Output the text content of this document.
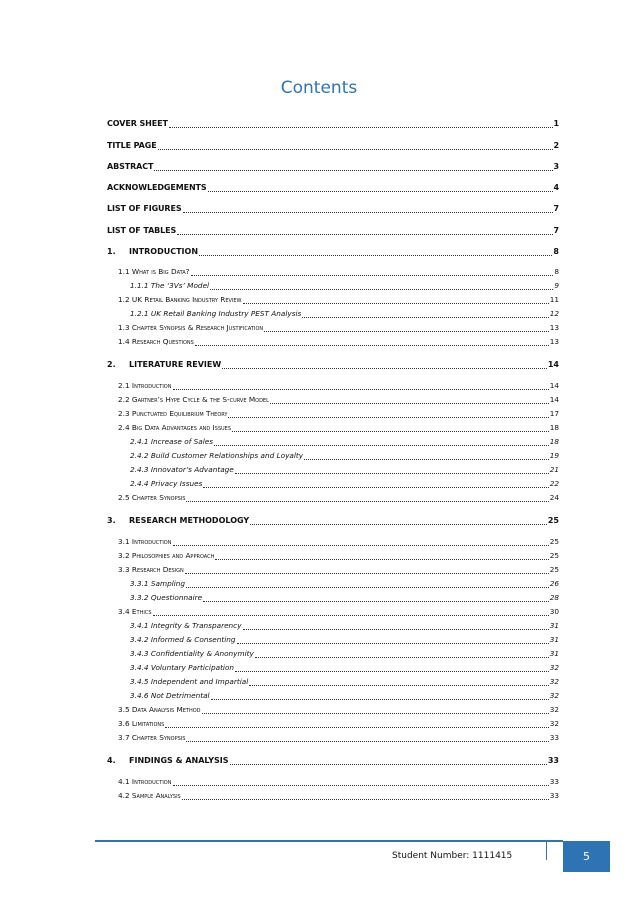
Contents
COVER SHEET	1
TITLE PAGE	2
ABSTRACT	3
ACKNOWLEDGEMENTS	4
LIST OF FIGURES	7
LIST OF TABLES	7
1. INTRODUCTION	8
1.1 What is Big Data?	8
1.1.1 The ‘3Vs’ Model	9
1.2 UK Retail Banking Industry Review	11
1.2.1 UK Retail Banking Industry PEST Analysis	12
1.3 Chapter Synopsis & Research Justification	13
1.4 Research Questions	13
2. LITERATURE REVIEW	14
2.1 Introduction	14
2.2 Gartner’s Hype Cycle & the S-curve Model	14
2.3 Punctuated Equilibrium Theory	17
2.4 Big Data Advantages and Issues	18
2.4.1 Increase of Sales	18
2.4.2 Build Customer Relationships and Loyalty	19
2.4.3 Innovator’s Advantage	21
2.4.4 Privacy Issues	22
2.5 Chapter Synopsis	24
3. RESEARCH METHODOLOGY	25
3.1 Introduction	25
3.2 Philosophies and Approach	25
3.3 Research Design	25
3.3.1 Sampling	26
3.3.2 Questionnaire	28
3.4 Ethics	30
3.4.1 Integrity & Transparency	31
3.4.2 Informed & Consenting	31
3.4.3 Confidentiality & Anonymity	31
3.4.4 Voluntary Participation	32
3.4.5 Independent and Impartial	32
3.4.6 Not Detrimental	32
3.5 Data Analysis Method	32
3.6 Limitations	32
3.7 Chapter Synopsis	33
4. FINDINGS & ANALYSIS	33
4.1 Introduction	33
4.2 Sample Analysis	33
Student Number: 1111415	5
